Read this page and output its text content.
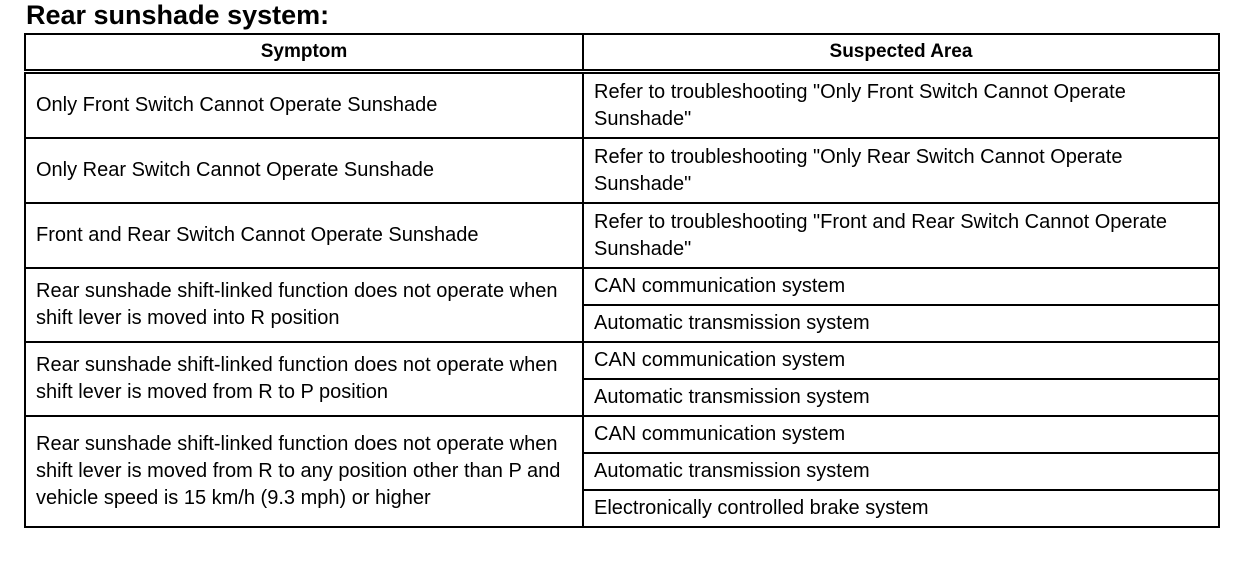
Rear sunshade system:
Symptom	Suspected Area
Only Front Switch Cannot Operate Sunshade	Refer to troubleshooting "Only Front Switch Cannot Operate Sunshade"
Only Rear Switch Cannot Operate Sunshade	Refer to troubleshooting "Only Rear Switch Cannot Operate Sunshade"
Front and Rear Switch Cannot Operate Sunshade	Refer to troubleshooting "Front and Rear Switch Cannot Operate Sunshade"
Rear sunshade shift-linked function does not operate when shift lever is moved into R position	CAN communication system
	Automatic transmission system
Rear sunshade shift-linked function does not operate when shift lever is moved from R to P position	CAN communication system
	Automatic transmission system
Rear sunshade shift-linked function does not operate when shift lever is moved from R to any position other than P and vehicle speed is 15 km/h (9.3 mph) or higher	CAN communication system
	Automatic transmission system
	Electronically controlled brake system
